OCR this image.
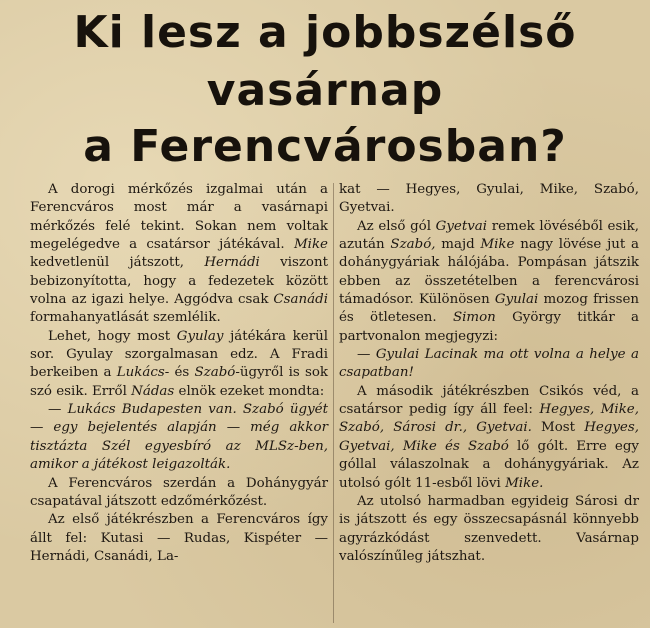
Ki lesz a jobbszélső
vasárnap
a Ferencvárosban?

A dorogi mérkőzés izgalmai után a Ferencváros most már a vasárnapi mérkőzés felé tekint. Sokan nem voltak megelégedve a csatársor játékával. Mike kedvetlenül játszott, Hernádi viszont bebizonyította, hogy a fedezetek között volna az igazi helye. Aggódva csak Csanádi formahanyatlását szemlélik.

Lehet, hogy most Gyulay játékára kerül sor. Gyulay szorgalmasan edz. A Fradi berkeiben a Lukács- és Szabó-ügyről is sok szó esik. Erről Nádas elnök ezeket mondta:

— Lukács Budapesten van. Szabó ügyét — egy bejelentés alapján — még akkor tisztázta Szél egyesbíró az MLSz-ben, amikor a játékost leigazolták.

A Ferencváros szerdán a Dohánygyár csapatával játszott edzőmérkőzést.

Az első játékrészben a Ferencváros így állt fel: Kutasi — Rudas, Kispéter — Hernádi, Csanádi, La-

kat — Hegyes, Gyulai, Mike, Szabó, Gyetvai.

Az első gól Gyetvai remek lövéséből esik, azután Szabó, majd Mike nagy lövése jut a dohánygyáriak hálójába. Pompásan játszik ebben az összetételben a ferencvárosi támadósor. Különösen Gyulai mozog frissen és ötletesen. Simon György titkár a partvonalon megjegyzi:

— Gyulai Lacinak ma ott volna a helye a csapatban!

A második játékrészben Csikós véd, a csatársor pedig így áll feel: Hegyes, Mike, Szabó, Sárosi dr., Gyetvai. Most Hegyes, Gyetvai, Mike és Szabó lő gólt. Erre egy góllal válaszolnak a dohánygyáriak. Az utolsó gólt 11-esből lövi Mike.

Az utolsó harmadban egyideig Sárosi dr is játszott és egy összecsapásnál könnyebb agyrázkódást szenvedett. Vasárnap valószínűleg játszhat.
